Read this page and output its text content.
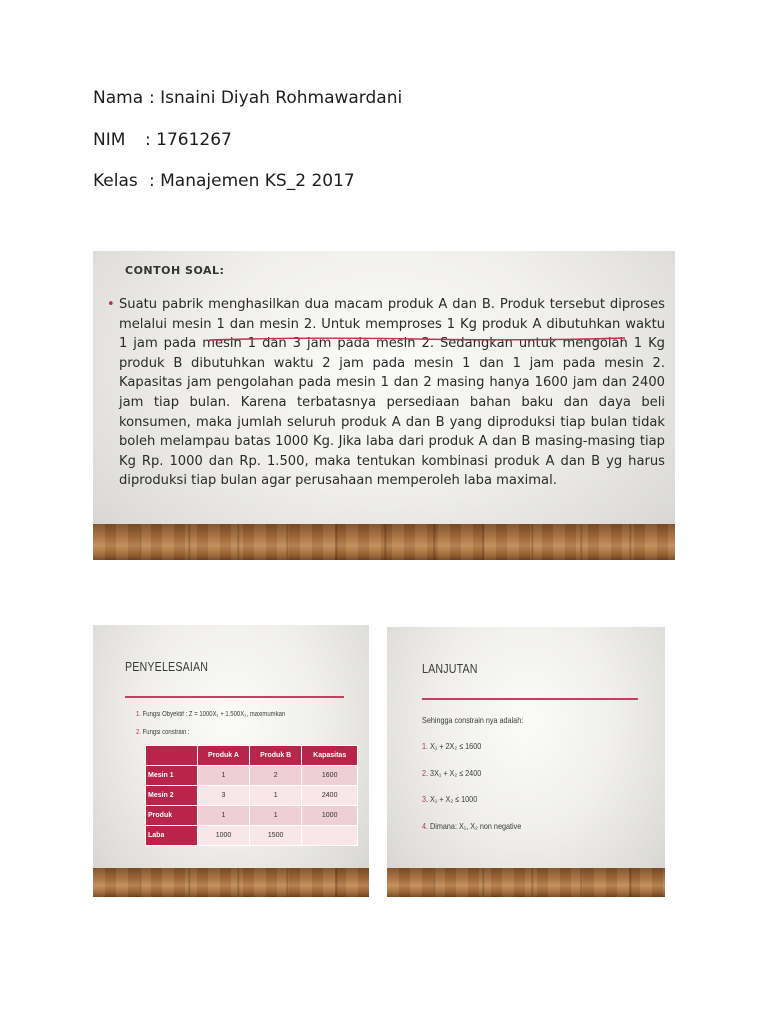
Nama : Isnaini Diyah Rohmawardani
NIM : 1761267
Kelas : Manajemen KS_2 2017
CONTOH SOAL:
• Suatu pabrik menghasilkan dua macam produk A dan B. Produk tersebut diproses melalui mesin 1 dan mesin 2. Untuk memproses 1 Kg produk A dibutuhkan waktu 1 jam pada mesin 1 dan 3 jam pada mesin 2. Sedangkan untuk mengolah 1 Kg produk B dibutuhkan waktu 2 jam pada mesin 1 dan 1 jam pada mesin 2. Kapasitas jam pengolahan pada mesin 1 dan 2 masing hanya 1600 jam dan 2400 jam tiap bulan. Karena terbatasnya persediaan bahan baku dan daya beli konsumen, maka jumlah seluruh produk A dan B yang diproduksi tiap bulan tidak boleh melampau batas 1000 Kg. Jika laba dari produk A dan B masing-masing tiap Kg Rp. 1000 dan Rp. 1.500, maka tentukan kombinasi produk A dan B yg harus diproduksi tiap bulan agar perusahaan memperoleh laba maximal.
PENYELESAIAN
1. Fungsi Obyektif : Z = 1000X₁ + 1.500X₂, maximumkan
2. Fungsi constrain :
	Produk A	Produk B	Kapasitas
Mesin 1	1	2	1600
Mesin 2	3	1	2400
Produk	1	1	1000
Laba	1000	1500	
LANJUTAN
Sehingga constrain nya adalah:
1. X₁ + 2X₂ ≤ 1600
2. 3X₁ + X₂ ≤ 2400
3. X₁ + X₂ ≤ 1000
4. Dimana: X₁, X₂ non negative
